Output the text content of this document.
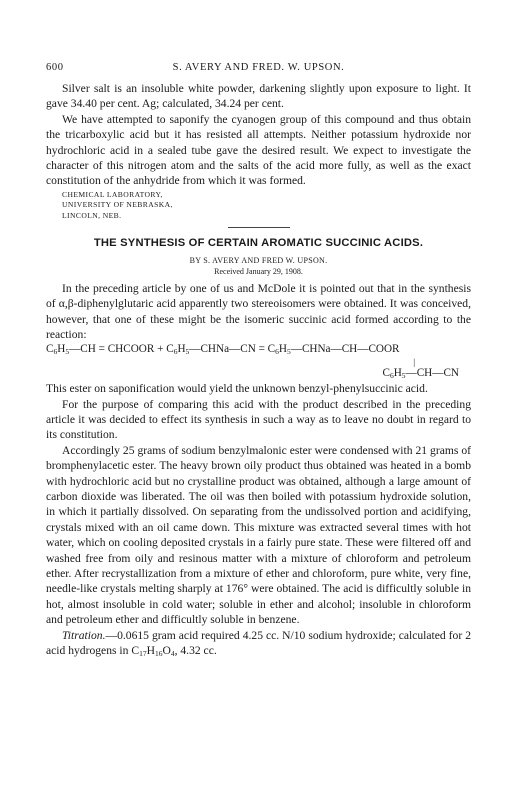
600	S. AVERY AND FRED. W. UPSON.

Silver salt is an insoluble white powder, darkening slightly upon exposure to light. It gave 34.40 per cent. Ag; calculated, 34.24 per cent.

We have attempted to saponify the cyanogen group of this compound and thus obtain the tricarboxylic acid but it has resisted all attempts. Neither potassium hydroxide nor hydrochloric acid in a sealed tube gave the desired result. We expect to investigate the character of this nitrogen atom and the salts of the acid more fully, as well as the exact constitution of the anhydride from which it was formed.

CHEMICAL LABORATORY,
UNIVERSITY OF NEBRASKA,
LINCOLN, NEB.
THE SYNTHESIS OF CERTAIN AROMATIC SUCCINIC ACIDS.
BY S. AVERY AND FRED W. UPSON.
Received January 29, 1908.

In the preceding article by one of us and McDole it is pointed out that in the synthesis of α,β-diphenylglutaric acid apparently two stereoisomers were obtained. It was conceived, however, that one of these might be the isomeric succinic acid formed according to the reaction:

$C_6H_5—CH$ = CHCOOR + $C_6H_5—CHNa—CN$ = $C_6H_5—CHNa—CH—COOR$
|
$C_6H_5—CH—CN$

This ester on saponification would yield the unknown benzyl-phenylsuccinic acid.

For the purpose of comparing this acid with the product described in the preceding article it was decided to effect its synthesis in such a way as to leave no doubt in regard to its constitution.

Accordingly 25 grams of sodium benzylmalonic ester were condensed with 21 grams of bromphenylacetic ester. The heavy brown oily product thus obtained was heated in a bomb with hydrochloric acid but no crystalline product was obtained, although a large amount of carbon dioxide was liberated. The oil was then boiled with potassium hydroxide solution, in which it partially dissolved. On separating from the undissolved portion and acidifying, crystals mixed with an oil came down. This mixture was extracted several times with hot water, which on cooling deposited crystals in a fairly pure state. These were filtered off and washed free from oily and resinous matter with a mixture of chloroform and petroleum ether. After recrystallization from a mixture of ether and chloroform, pure white, very fine, needle-like crystals melting sharply at 176° were obtained. The acid is difficultly soluble in hot, almost insoluble in cold water; soluble in ether and alcohol; insoluble in chloroform and petroleum ether and difficultly soluble in benzene.

Titration.—0.0615 gram acid required 4.25 cc. N/10 sodium hydroxide; calculated for 2 acid hydrogens in $C_{17}H_{16}O_4$, 4.32 cc.
